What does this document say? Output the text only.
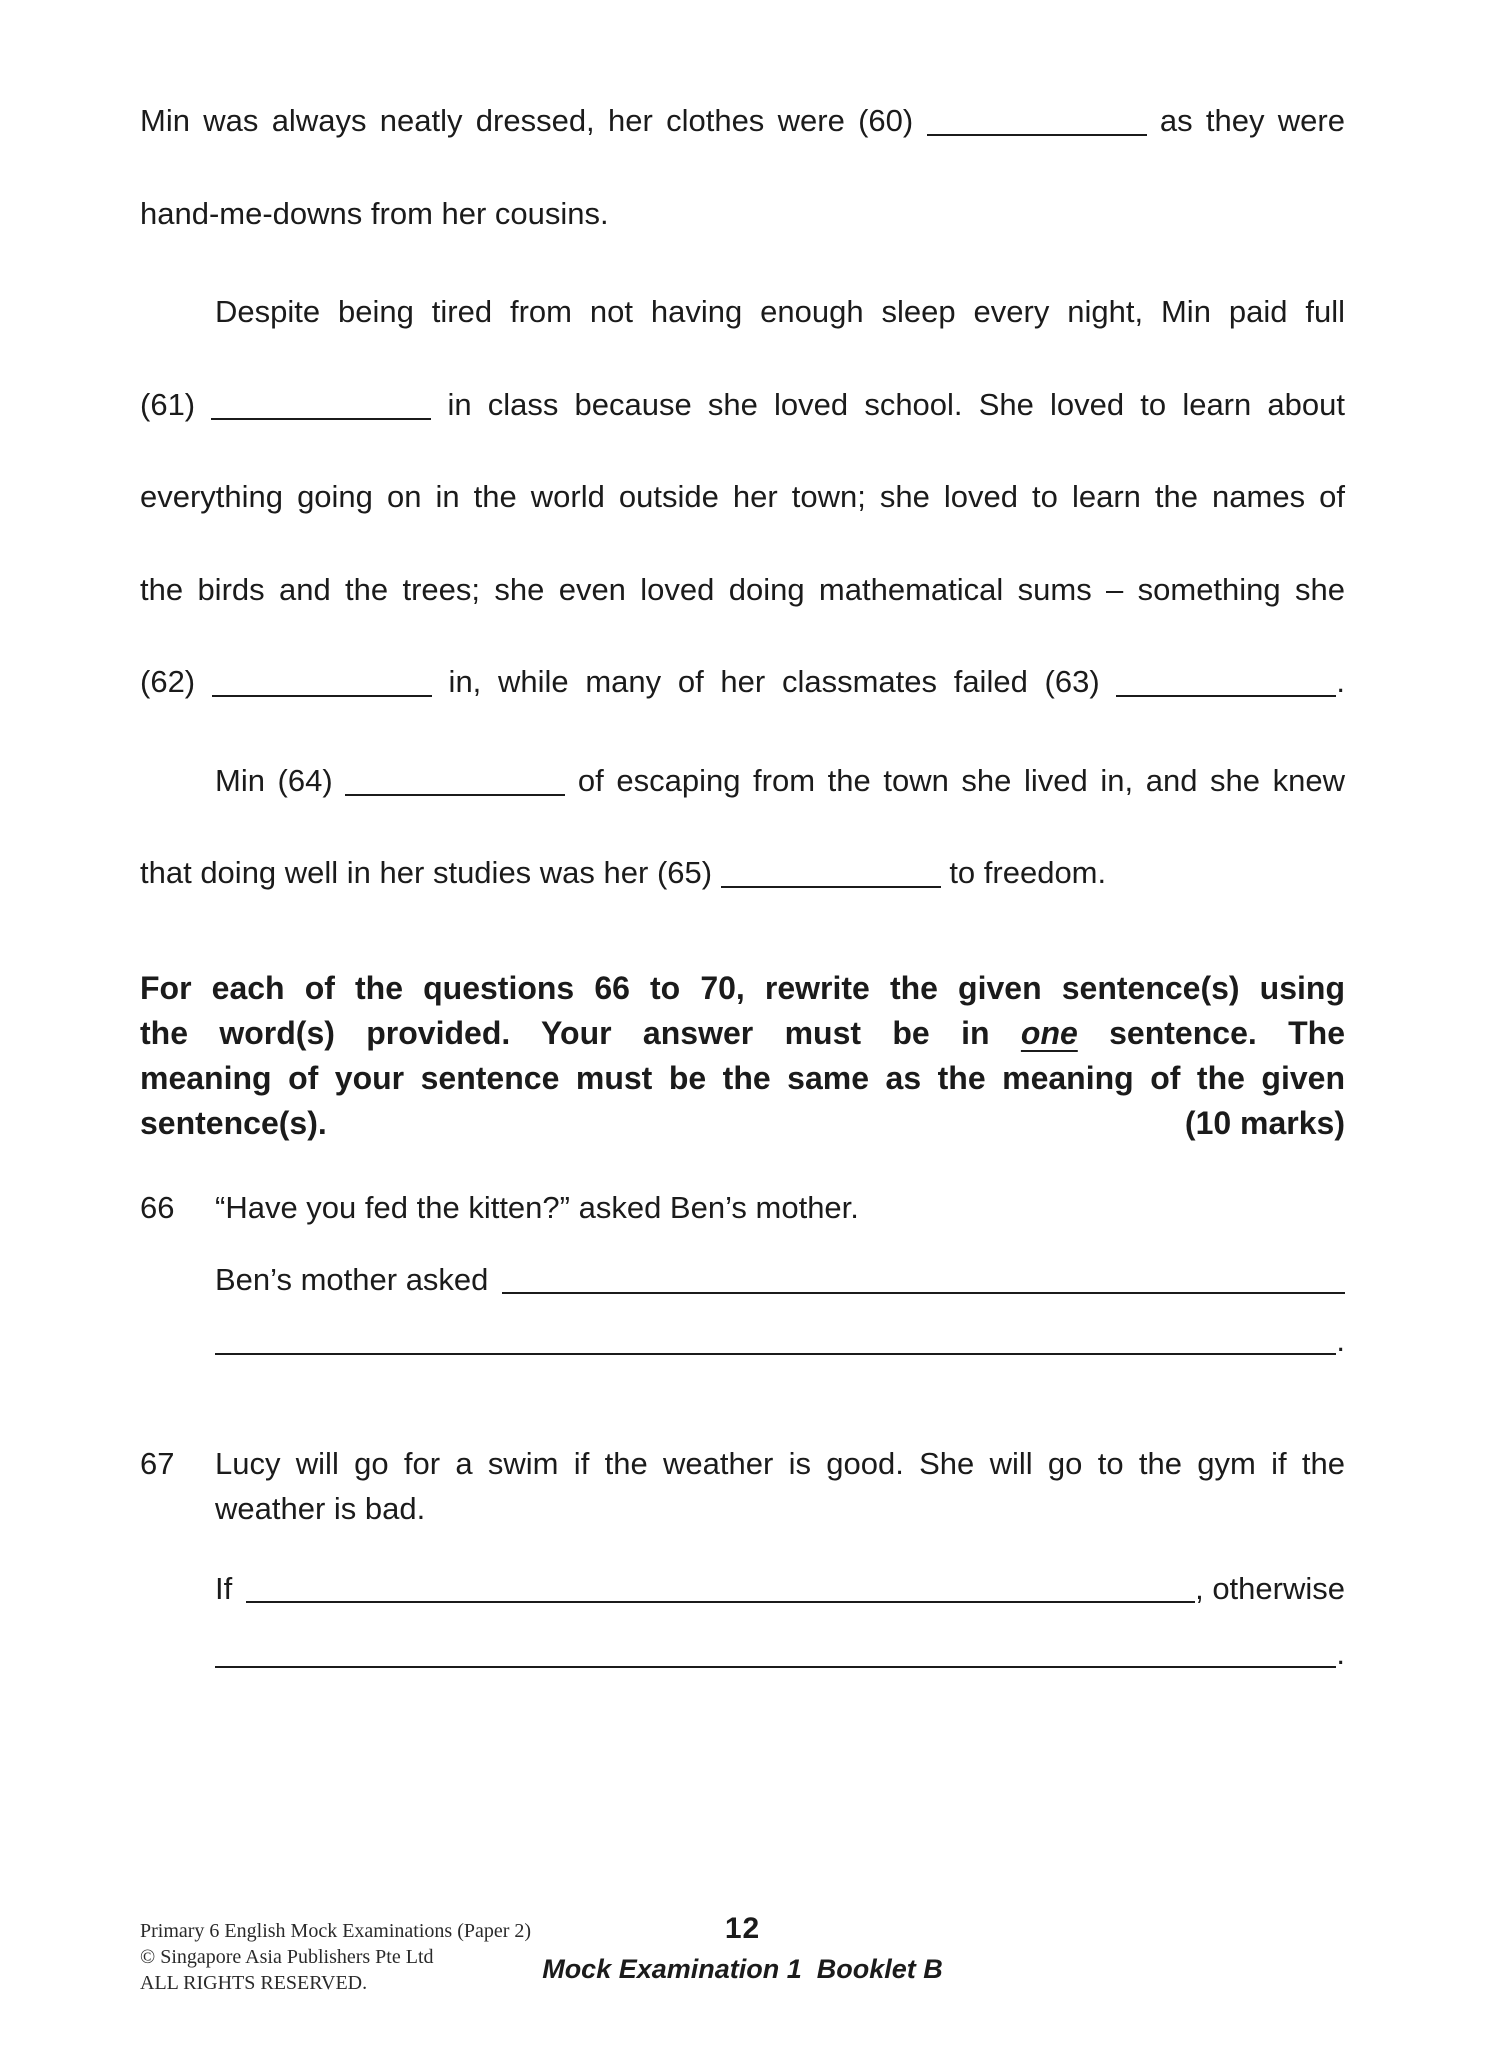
Min was always neatly dressed, her clothes were (60)	as they were
hand-me-downs from her cousins.
Despite being tired from not having enough sleep every night, Min paid full
(61)	in class because she loved school. She loved to learn about
everything going on in the world outside her town; she loved to learn the names of
the birds and the trees; she even loved doing mathematical sums – something she
(62)	in, while many of her classmates failed (63)	.
Min (64)	of escaping from the town she lived in, and she knew
that doing well in her studies was her (65)	to freedom.
For each of the questions 66 to 70, rewrite the given sentence(s) using
the word(s) provided. Your answer must be in one sentence. The
meaning of your sentence must be the same as the meaning of the given
sentence(s).	(10 marks)
66 “Have you fed the kitten?” asked Ben’s mother.
Ben’s mother asked
.
67 Lucy will go for a swim if the weather is good. She will go to the gym if the
weather is bad.
If	, otherwise
.
Primary 6 English Mock Examinations (Paper 2)
© Singapore Asia Publishers Pte Ltd
ALL RIGHTS RESERVED.
12
Mock Examination 1  Booklet B
